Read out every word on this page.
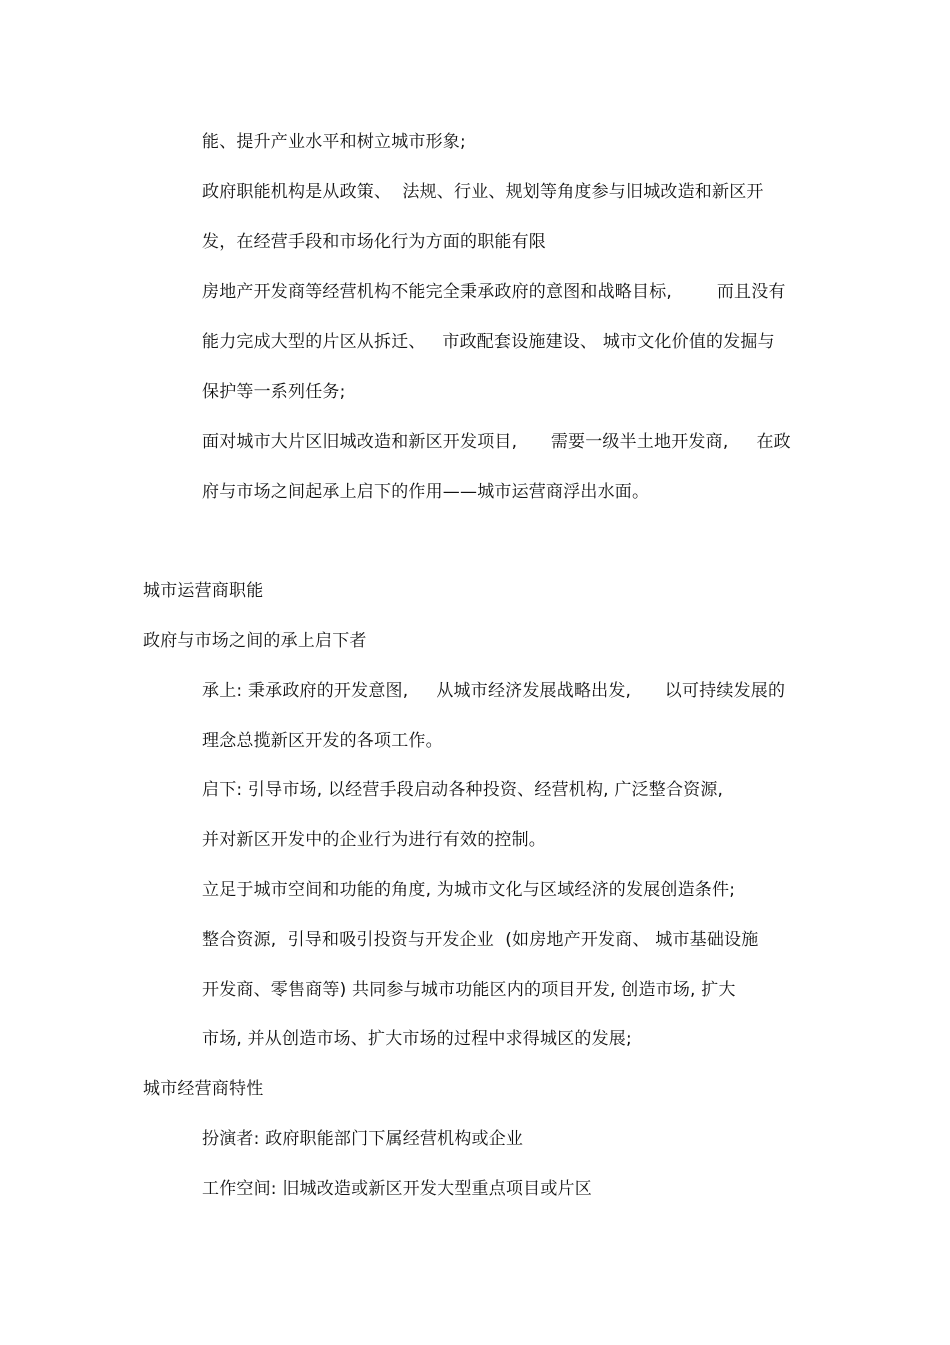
能、提升产业水平和树立城市形象;
政府职能机构是从政策、  法规、行业、规划等角度参与旧城改造和新区开
发，在经营手段和市场化行为方面的职能有限
房地产开发商等经营机构不能完全秉承政府的意图和战略目标,        而且没有
能力完成大型的片区从拆迁、   市政配套设施建设、 城市文化价值的发掘与
保护等一系列任务;
面对城市大片区旧城改造和新区开发项目,      需要一级半土地开发商,     在政
府与市场之间起承上启下的作用——城市运营商浮出水面。
城市运营商职能
政府与市场之间的承上启下者
承上: 秉承政府的开发意图,     从城市经济发展战略出发,      以可持续发展的
理念总揽新区开发的各项工作。
启下: 引导市场, 以经营手段启动各种投资、经营机构, 广泛整合资源,
并对新区开发中的企业行为进行有效的控制。
立足于城市空间和功能的角度, 为城市文化与区域经济的发展创造条件;
整合资源,  引导和吸引投资与开发企业  (如房地产开发商、 城市基础设施
开发商、零售商等) 共同参与城市功能区内的项目开发, 创造市场, 扩大
市场, 并从创造市场、扩大市场的过程中求得城区的发展;
城市经营商特性
扮演者: 政府职能部门下属经营机构或企业
工作空间: 旧城改造或新区开发大型重点项目或片区
